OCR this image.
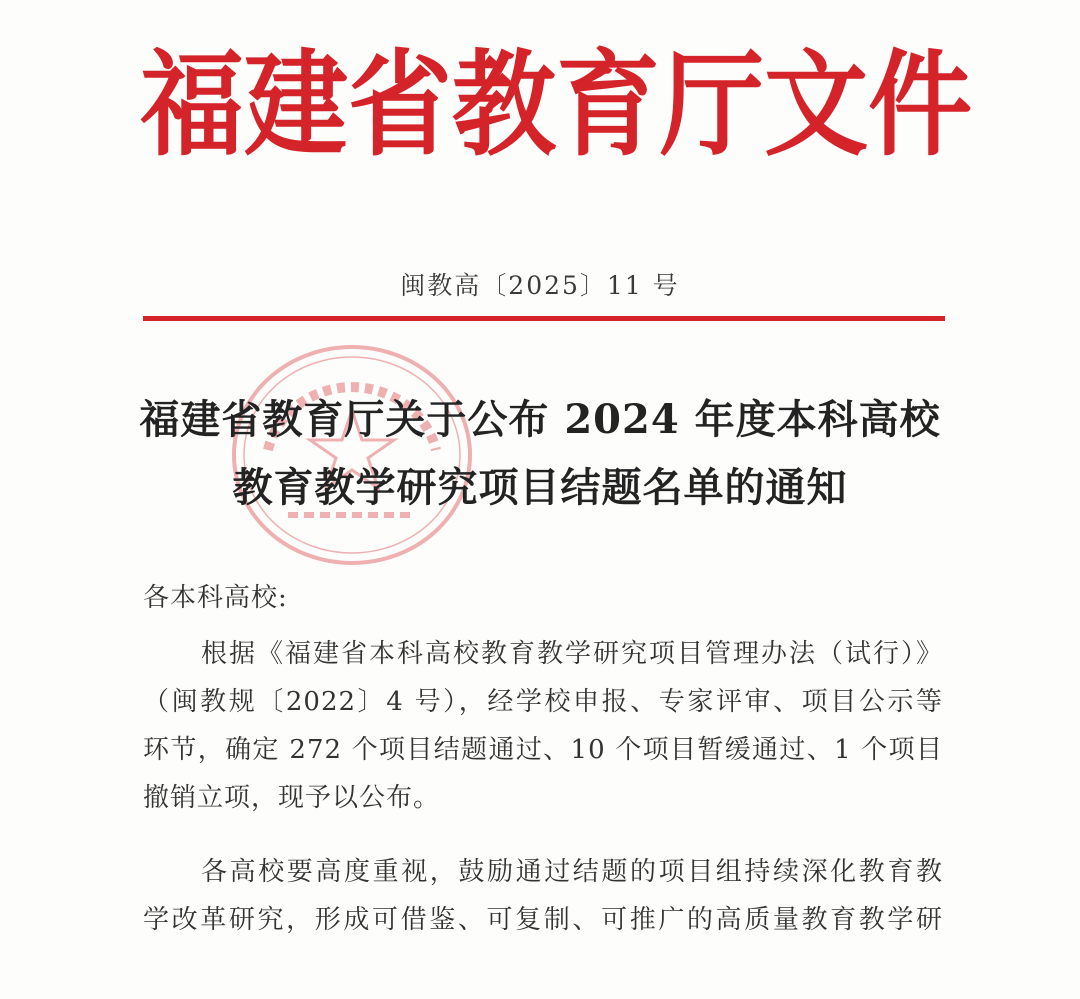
福 建 省 教 育 厅 文 件
闽教高〔2025〕11 号
福建省教育厅关于公布 2024 年度本科高校
教育教学研究项目结题名单的通知
各本科高校:
根据《福建省本科高校教育教学研究项目管理办法（试行）》
（闽教规〔2022〕4 号），经学校申报、专家评审、项目公示等
环节，确定 272 个项目结题通过、10 个项目暂缓通过、1 个项目
撤销立项，现予以公布。
各高校要高度重视，鼓励通过结题的项目组持续深化教育教
学改革研究，形成可借鉴、可复制、可推广的高质量教育教学研
